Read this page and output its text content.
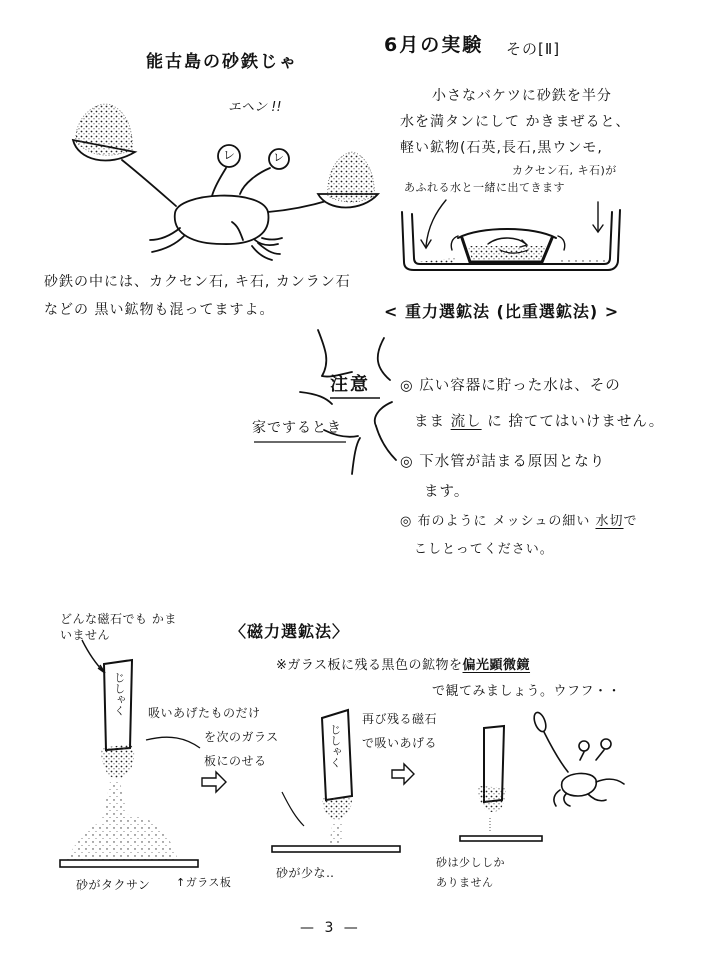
能古島の砂鉄じゃ
6月の実験 その[Ⅱ]
エヘン !!
レ	レ
小さなバケツに砂鉄を半分
水を満タンにして かきまぜると、
軽い鉱物(石英,長石,黒ウンモ,
カクセン石, キ石)が
あふれる水と一緒に出てきます
砂鉄の中には、カクセン石, キ石, カンラン石
などの 黒い鉱物も混ってますよ。	< 重力選鉱法 (比重選鉱法) >
注意
家でするとき
◎ 広い容器に貯った水は、その
まま 流し に 捨ててはいけません。
◎ 下水管が詰まる原因となり
ます。
◎ 布のように メッシュの細い 水切で
こしとってください。
どんな磁石でも かまいません	〈磁力選鉱法〉
※ガラス板に残る黒色の鉱物を偏光顕微鏡
で観てみましょう。ウフフ・・
じしゃく
じしゃく
吸いあげたものだけ
を次のガラス
板にのせる
再び残る磁石
で吸いあげる
砂がタクサン ↑ガラス板
砂が少な‥
砂は少ししか
ありません
— 3 —
